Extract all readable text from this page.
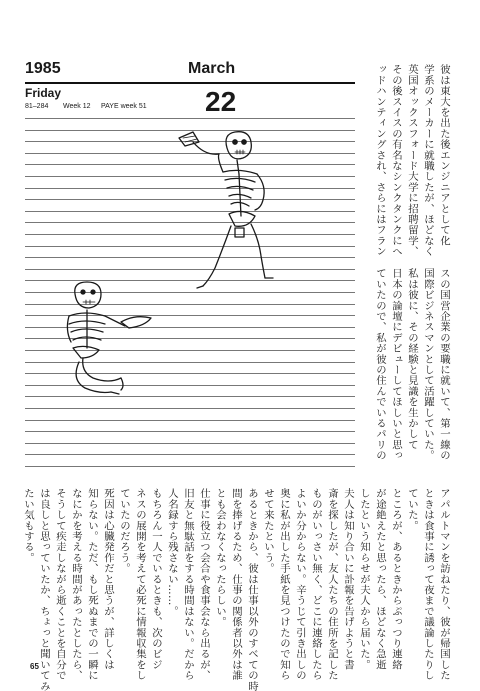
1985	March
Friday
81–284 Week 12 PAYE week 51 22	彼は東大を出た後エンジニアとして化

学系のメーカーに就職したが、ほどなく

英国オックスフォード大学に招聘留学、

その後スイスの有名なシンクタンクにへ

ッドハンティングされ、さらにはフラン

スの国営企業の要職に就いて、第一線の

国際ビジネスマンとして活躍していた。

私は彼に、その経験と見識を生かして

日本の論壇にデビューしてほしいと思っ

ていたので、私が彼の住んでいるパリの

アパルトマンを訪ねたり、彼が帰国した

ときは食事に誘って夜まで議論したりし

ていた。

ところが、あるときからぷっつり連絡

が途絶えたと思ったら、ほどなく急逝

したという知らせが夫人から届いた。

夫人は知り合いに訃報を告げようと書

斎を探したが、友人たちの住所を記した

ものがいっさい無く、どこに連絡したら

よいか分からない。辛うじて引き出しの

奥に私が出した手紙を見つけたので知ら

せて来たという。

あるときから、彼は仕事以外のすべての時

間を捧げるため、仕事の関係者以外は誰

とも会わなくなったらしい。

仕事に役立つ会合や食事会なら出るが、

旧友と無駄話をする時間はない。だから

人名録すら残さない……。

もちろん一人でいるときも、次のビジ

ネスの展開を考えて必死に情報収集をし

ていたのだろう。

死因は心臓発作だと思うが、詳しくは

知らない。ただ、もし死ぬまでの一瞬に

なにかを考える時間があったとしたら、

そうして疾走しながら逝くことを自分で

は良しと思っていたか、ちょっと聞いてみ

たい気もする。

65
